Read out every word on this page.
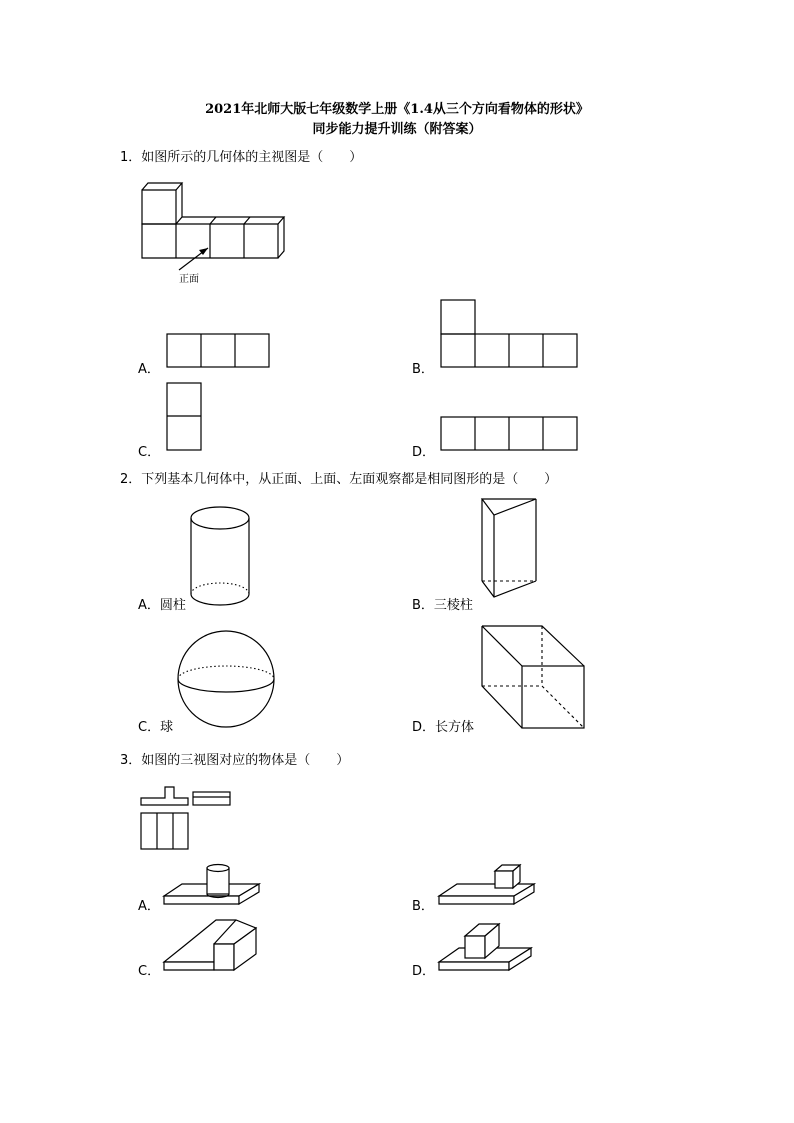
2021年北师大版七年级数学上册《1.4从三个方向看物体的形状》
同步能力提升训练（附答案）
1．如图所示的几何体的主视图是（　　）
正面
A．	B．
C．	D．
2．下列基本几何体中，从正面、上面、左面观察都是相同图形的是（　　）
A．圆柱	B．三棱柱
C．球	D．长方体
3．如图的三视图对应的物体是（　　）
A．	B．
C．	D．
